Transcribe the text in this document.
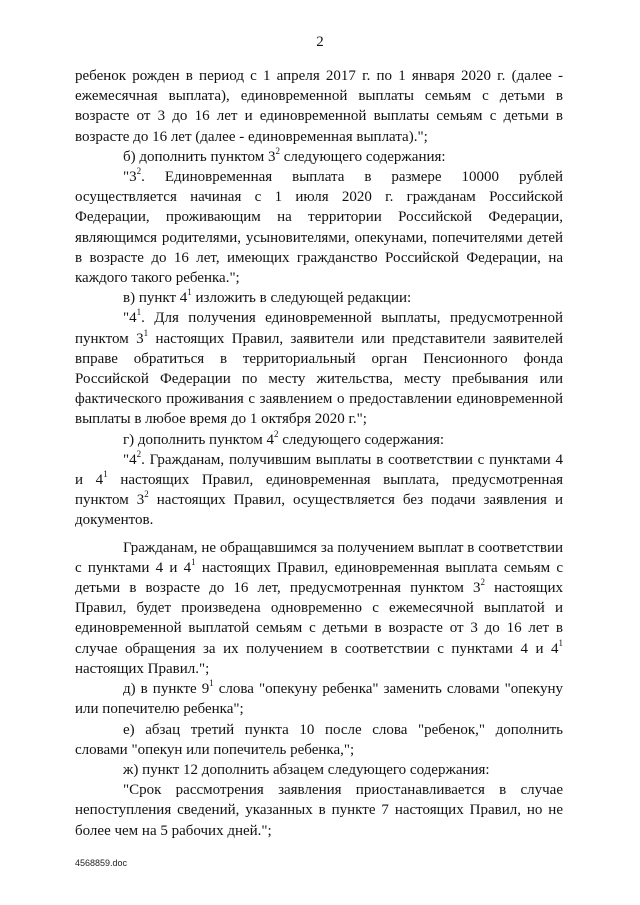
2

ребенок рожден в период с 1 апреля 2017 г. по 1 января 2020 г. (далее - ежемесячная выплата), единовременной выплаты семьям с детьми в возрасте от 3 до 16 лет и единовременной выплаты семьям с детьми в возрасте до 16 лет (далее - единовременная выплата).";

б) дополнить пунктом $3^2$ следующего содержания:

"$3^2$. Единовременная выплата в размере 10000 рублей осуществляется начиная с 1 июля 2020 г. гражданам Российской Федерации, проживающим на территории Российской Федерации, являющимся родителями, усыновителями, опекунами, попечителями детей в возрасте до 16 лет, имеющих гражданство Российской Федерации, на каждого такого ребенка.";

в) пункт $4^1$ изложить в следующей редакции:

"$4^1$. Для получения единовременной выплаты, предусмотренной пунктом $3^1$ настоящих Правил, заявители или представители заявителей вправе обратиться в территориальный орган Пенсионного фонда Российской Федерации по месту жительства, месту пребывания или фактического проживания с заявлением о предоставлении единовременной выплаты в любое время до 1 октября 2020 г.";

г) дополнить пунктом $4^2$ следующего содержания:

"$4^2$. Гражданам, получившим выплаты в соответствии с пунктами 4 и $4^1$ настоящих Правил, единовременная выплата, предусмотренная пунктом $3^2$ настоящих Правил, осуществляется без подачи заявления и документов.

Гражданам, не обращавшимся за получением выплат в соответствии с пунктами 4 и $4^1$ настоящих Правил, единовременная выплата семьям с детьми в возрасте до 16 лет, предусмотренная пунктом $3^2$ настоящих Правил, будет произведена одновременно с ежемесячной выплатой и единовременной выплатой семьям с детьми в возрасте от 3 до 16 лет в случае обращения за их получением в соответствии с пунктами 4 и $4^1$ настоящих Правил.";

д) в пункте $9^1$ слова "опекуну ребенка" заменить словами "опекуну или попечителю ребенка";

е) абзац третий пункта 10 после слова "ребенок," дополнить словами "опекун или попечитель ребенка,";

ж) пункт 12 дополнить абзацем следующего содержания:

"Срок рассмотрения заявления приостанавливается в случае непоступления сведений, указанных в пункте 7 настоящих Правил, но не более чем на 5 рабочих дней.";

4568859.doc
